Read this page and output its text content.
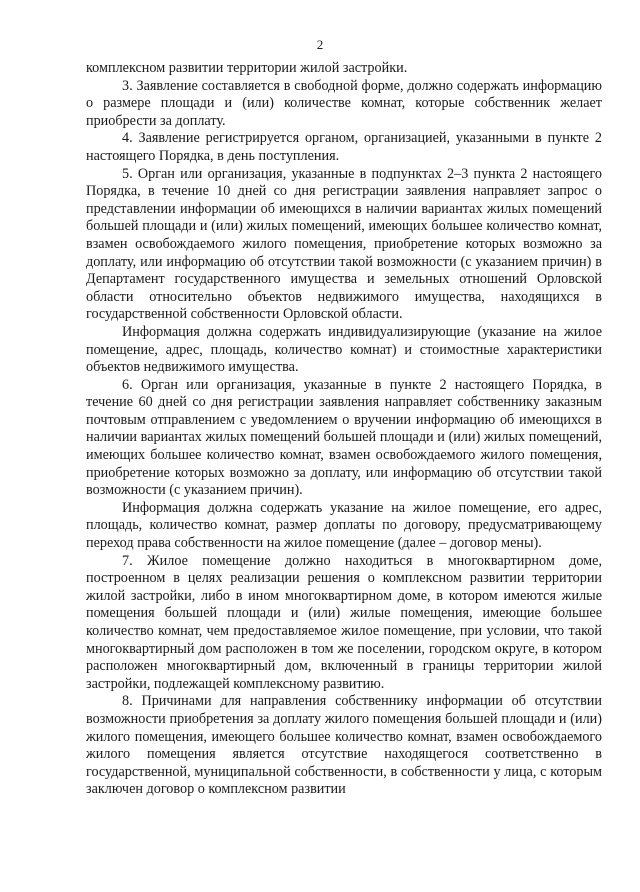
2

комплексном развитии территории жилой застройки.

3. Заявление составляется в свободной форме, должно содержать информацию о размере площади и (или) количестве комнат, которые собственник желает приобрести за доплату.

4. Заявление регистрируется органом, организацией, указанными в пункте 2 настоящего Порядка, в день поступления.

5. Орган или организация, указанные в подпунктах 2–3 пункта 2 настоящего Порядка, в течение 10 дней со дня регистрации заявления направляет запрос о представлении информации об имеющихся в наличии вариантах жилых помещений большей площади и (или) жилых помещений, имеющих большее количество комнат, взамен освобождаемого жилого помещения, приобретение которых возможно за доплату, или информацию об отсутствии такой возможности (с указанием причин) в Департамент государственного имущества и земельных отношений Орловской области относительно объектов недвижимого имущества, находящихся в государственной собственности Орловской области.

Информация должна содержать индивидуализирующие (указание на жилое помещение, адрес, площадь, количество комнат) и стоимостные характеристики объектов недвижимого имущества.

6. Орган или организация, указанные в пункте 2 настоящего Порядка, в течение 60 дней со дня регистрации заявления направляет собственнику заказным почтовым отправлением с уведомлением о вручении информацию об имеющихся в наличии вариантах жилых помещений большей площади и (или) жилых помещений, имеющих большее количество комнат, взамен освобождаемого жилого помещения, приобретение которых возможно за доплату, или информацию об отсутствии такой возможности (с указанием причин).

Информация должна содержать указание на жилое помещение, его адрес, площадь, количество комнат, размер доплаты по договору, предусматривающему переход права собственности на жилое помещение (далее – договор мены).

7. Жилое помещение должно находиться в многоквартирном доме, построенном в целях реализации решения о комплексном развитии территории жилой застройки, либо в ином многоквартирном доме, в котором имеются жилые помещения большей площади и (или) жилые помещения, имеющие большее количество комнат, чем предоставляемое жилое помещение, при условии, что такой многоквартирный дом расположен в том же поселении, городском округе, в котором расположен многоквартирный дом, включенный в границы территории жилой застройки, подлежащей комплексному развитию.

8. Причинами для направления собственнику информации об отсутствии возможности приобретения за доплату жилого помещения большей площади и (или) жилого помещения, имеющего большее количество комнат, взамен освобождаемого жилого помещения является отсутствие находящегося соответственно в государственной, муниципальной собственности, в собственности у лица, с которым заключен договор о комплексном развитии
